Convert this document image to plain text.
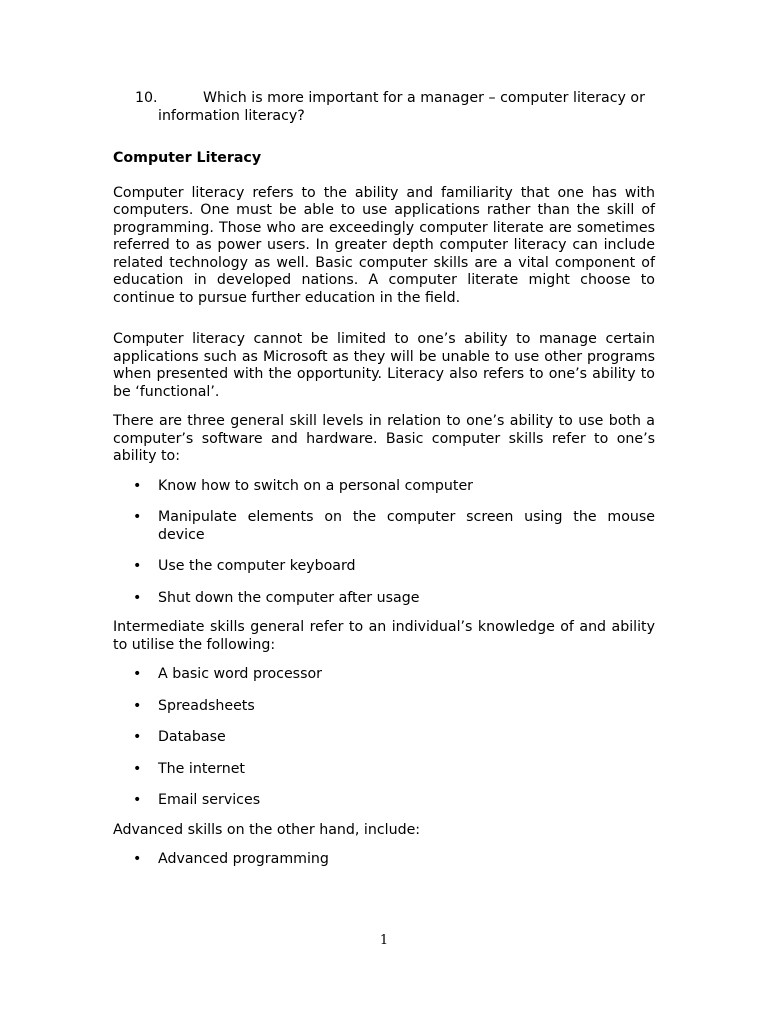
10.	Which is more important for a manager – computer literacy or information literacy?
Computer Literacy

Computer literacy refers to the ability and familiarity that one has with computers. One must be able to use applications rather than the skill of programming. Those who are exceedingly computer literate are sometimes referred to as power users. In greater depth computer literacy can include related technology as well. Basic computer skills are a vital component of education in developed nations. A computer literate might choose to continue to pursue further education in the field.

Computer literacy cannot be limited to one’s ability to manage certain applications such as Microsoft as they will be unable to use other programs when presented with the opportunity. Literacy also refers to one’s ability to be ‘functional’.

There are three general skill levels in relation to one’s ability to use both a computer’s software and hardware. Basic computer skills refer to one’s ability to:

• Know how to switch on a personal computer
• Manipulate elements on the computer screen using the mouse device
• Use the computer keyboard
• Shut down the computer after usage

Intermediate skills general refer to an individual’s knowledge of and ability to utilise the following:

• A basic word processor
• Spreadsheets
• Database
• The internet
• Email services

Advanced skills on the other hand, include:

• Advanced programming
1
